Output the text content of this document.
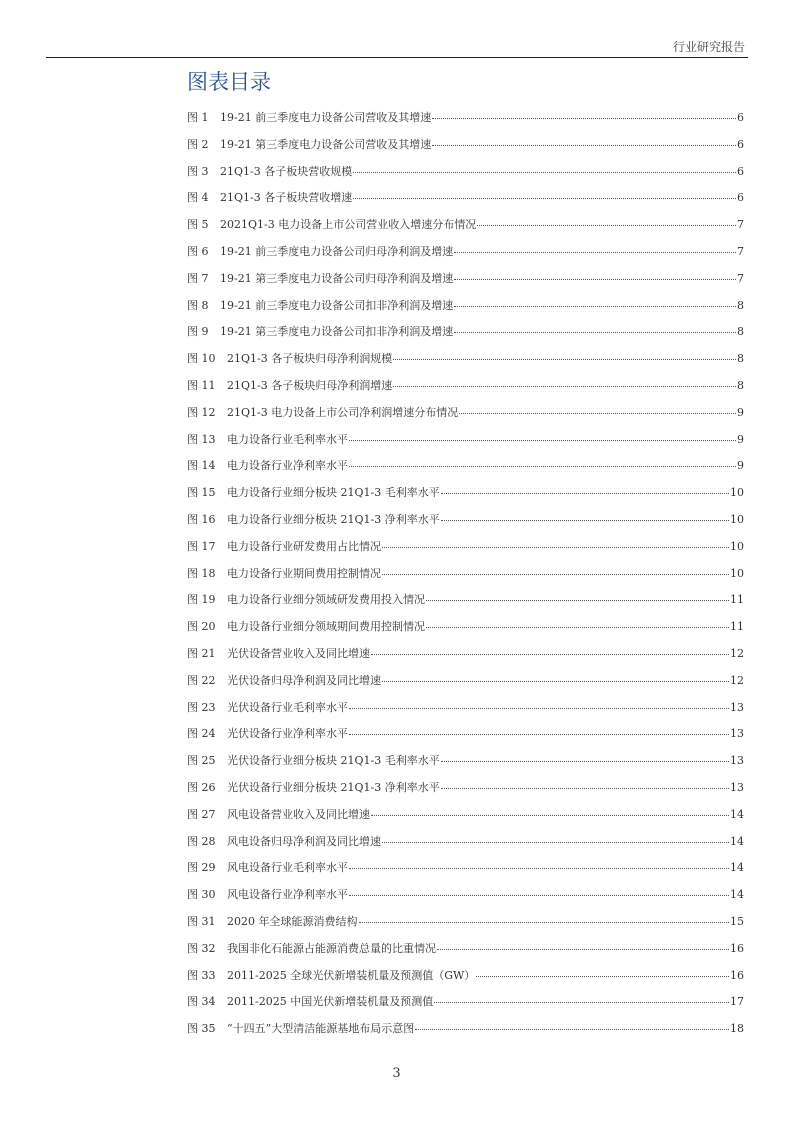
行业研究报告
图表目录
图 1	19-21 前三季度电力设备公司营收及其增速	6
图 2	19-21 第三季度电力设备公司营收及其增速	6
图 3	21Q1-3 各子板块营收规模	6
图 4	21Q1-3 各子板块营收增速	6
图 5	2021Q1-3 电力设备上市公司营业收入增速分布情况	7
图 6	19-21 前三季度电力设备公司归母净利润及增速	7
图 7	19-21 第三季度电力设备公司归母净利润及增速	7
图 8	19-21 前三季度电力设备公司扣非净利润及增速	8
图 9	19-21 第三季度电力设备公司扣非净利润及增速	8
图 10	21Q1-3 各子板块归母净利润规模	8
图 11	21Q1-3 各子板块归母净利润增速	8
图 12	21Q1-3 电力设备上市公司净利润增速分布情况	9
图 13	电力设备行业毛利率水平	9
图 14	电力设备行业净利率水平	9
图 15	电力设备行业细分板块 21Q1-3 毛利率水平	10
图 16	电力设备行业细分板块 21Q1-3 净利率水平	10
图 17	电力设备行业研发费用占比情况	10
图 18	电力设备行业期间费用控制情况	10
图 19	电力设备行业细分领域研发费用投入情况	11
图 20	电力设备行业细分领域期间费用控制情况	11
图 21	光伏设备营业收入及同比增速	12
图 22	光伏设备归母净利润及同比增速	12
图 23	光伏设备行业毛利率水平	13
图 24	光伏设备行业净利率水平	13
图 25	光伏设备行业细分板块 21Q1-3 毛利率水平	13
图 26	光伏设备行业细分板块 21Q1-3 净利率水平	13
图 27	风电设备营业收入及同比增速	14
图 28	风电设备归母净利润及同比增速	14
图 29	风电设备行业毛利率水平	14
图 30	风电设备行业净利率水平	14
图 31	2020 年全球能源消费结构	15
图 32	我国非化石能源占能源消费总量的比重情况	16
图 33	2011-2025 全球光伏新增装机量及预测值（GW）	16
图 34	2011-2025 中国光伏新增装机量及预测值	17
图 35	“十四五”大型清洁能源基地布局示意图	18
3
